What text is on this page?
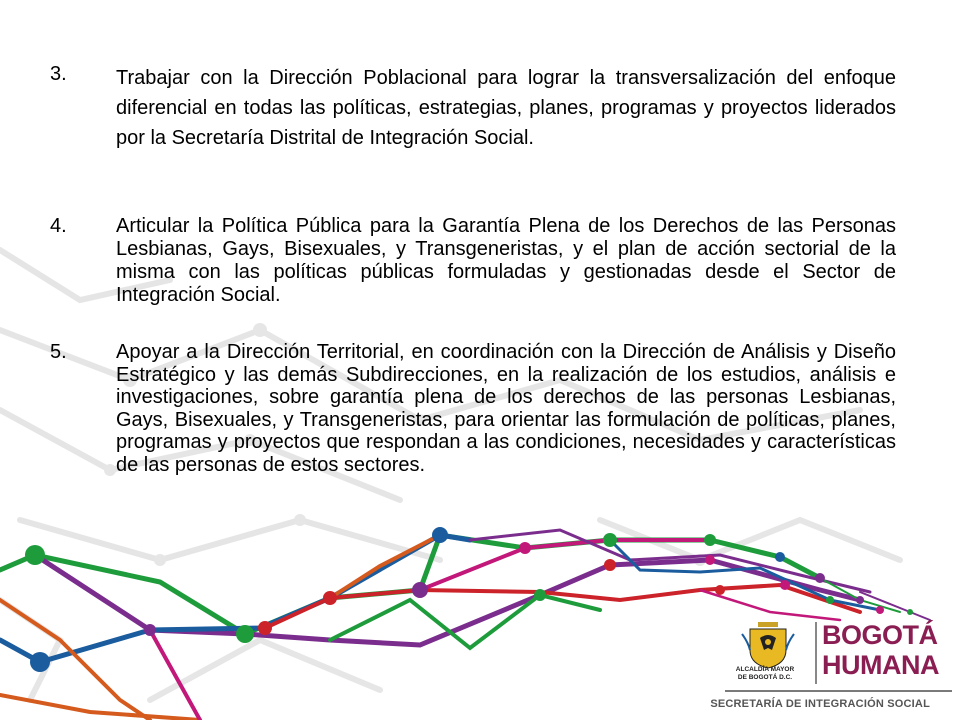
3. Trabajar con la Dirección Poblacional para lograr la transversalización del enfoque diferencial en todas las políticas, estrategias, planes, programas y proyectos liderados por la Secretaría Distrital de Integración Social.
4. Articular la Política Pública para la Garantía Plena de los Derechos de las Personas Lesbianas, Gays, Bisexuales, y Transgeneristas, y el plan de acción sectorial de la misma con las políticas públicas formuladas y gestionadas desde el Sector de Integración Social.
5. Apoyar a la Dirección Territorial, en coordinación con la Dirección de Análisis y Diseño Estratégico y las demás Subdirecciones, en la realización de los estudios, análisis e investigaciones, sobre garantía plena de los derechos de las personas Lesbianas, Gays, Bisexuales, y Transgeneristas, para orientar las formulación de políticas, planes, programas y proyectos que respondan a las condiciones, necesidades y características de las personas de estos sectores.
ALCALDÍA MAYOR
DE BOGOTÁ D.C.
BOGOTÁ
HUMANA
SECRETARÍA DE INTEGRACIÓN SOCIAL
